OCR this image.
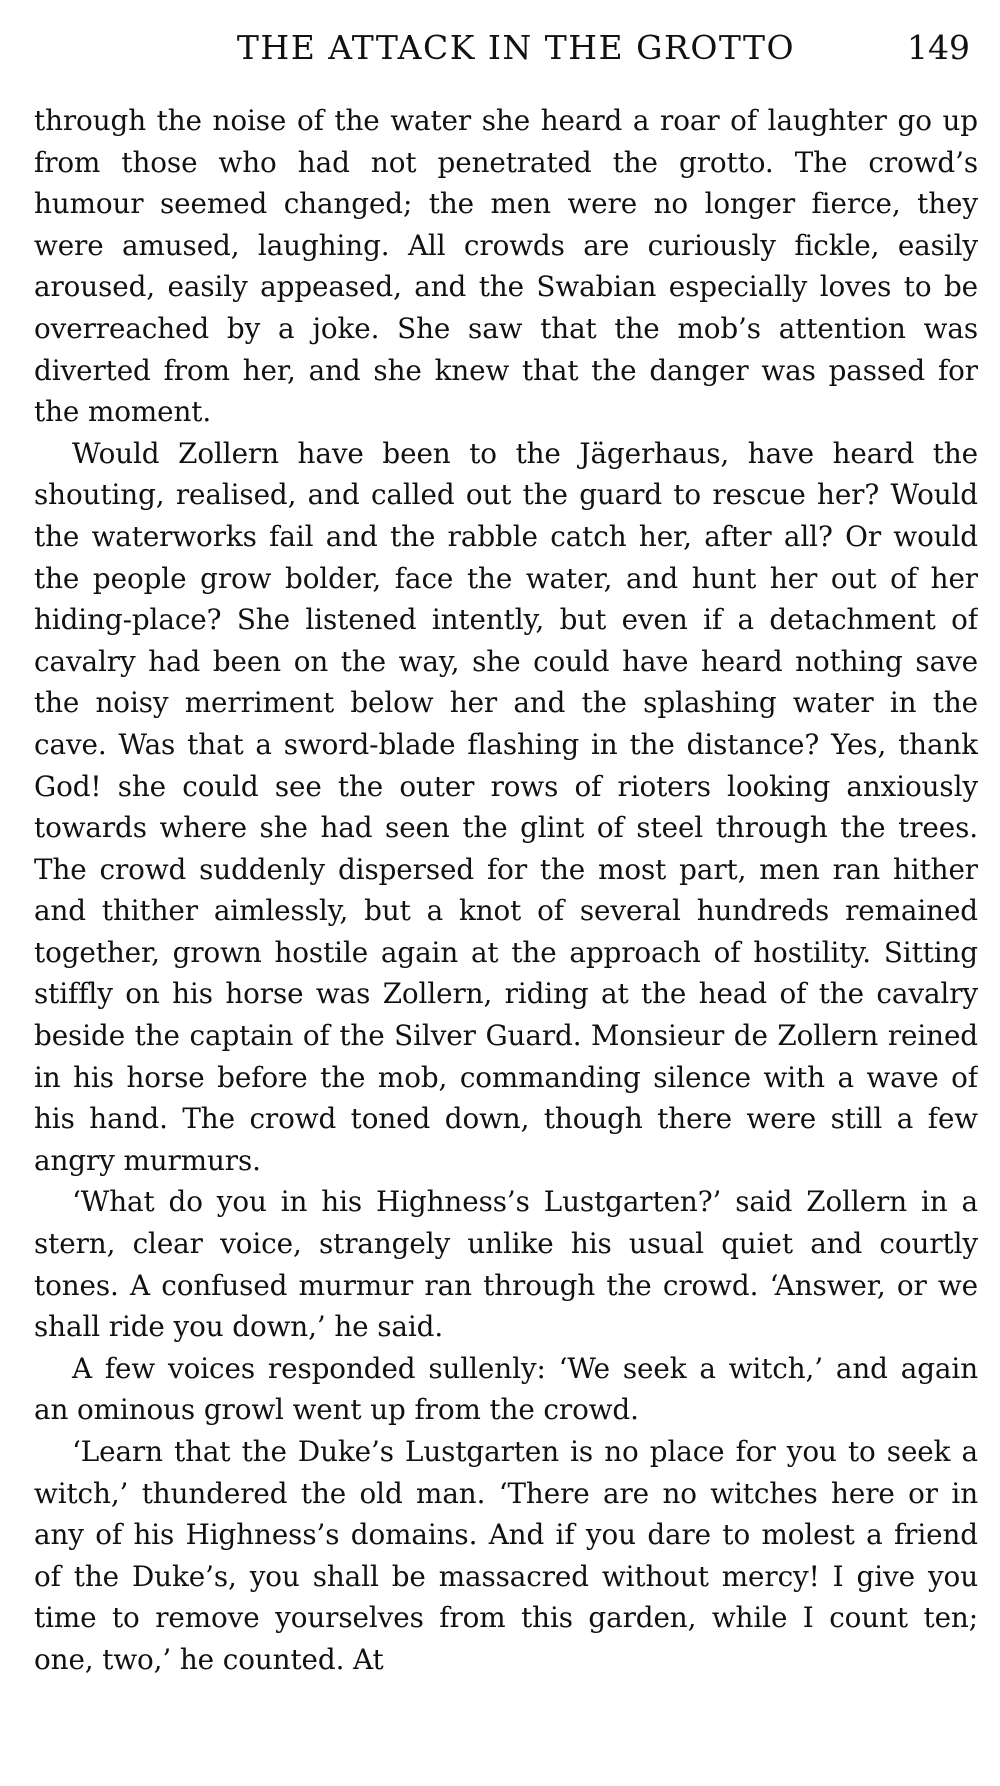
THE ATTACK IN THE GROTTO	149

through the noise of the water she heard a roar of laughter go up from those who had not penetrated the grotto. The crowd’s humour seemed changed; the men were no longer fierce, they were amused, laughing. All crowds are curiously fickle, easily aroused, easily appeased, and the Swabian especially loves to be overreached by a joke. She saw that the mob’s attention was diverted from her, and she knew that the danger was passed for the moment.

Would Zollern have been to the Jägerhaus, have heard the shouting, realised, and called out the guard to rescue her? Would the waterworks fail and the rabble catch her, after all? Or would the people grow bolder, face the water, and hunt her out of her hiding-place? She listened intently, but even if a detachment of cavalry had been on the way, she could have heard nothing save the noisy merriment below her and the splashing water in the cave. Was that a sword-blade flashing in the distance? Yes, thank God! she could see the outer rows of rioters looking anxiously towards where she had seen the glint of steel through the trees. The crowd suddenly dispersed for the most part, men ran hither and thither aimlessly, but a knot of several hundreds remained together, grown hostile again at the approach of hostility. Sitting stiffly on his horse was Zollern, riding at the head of the cavalry beside the captain of the Silver Guard. Monsieur de Zollern reined in his horse before the mob, commanding silence with a wave of his hand. The crowd toned down, though there were still a few angry murmurs.

‘What do you in his Highness’s Lustgarten?’ said Zollern in a stern, clear voice, strangely unlike his usual quiet and courtly tones. A confused murmur ran through the crowd. ‘Answer, or we shall ride you down,’ he said.

A few voices responded sullenly: ‘We seek a witch,’ and again an ominous growl went up from the crowd.

‘Learn that the Duke’s Lustgarten is no place for you to seek a witch,’ thundered the old man. ‘There are no witches here or in any of his Highness’s domains. And if you dare to molest a friend of the Duke’s, you shall be massacred without mercy! I give you time to remove yourselves from this garden, while I count ten; one, two,’ he counted. At
